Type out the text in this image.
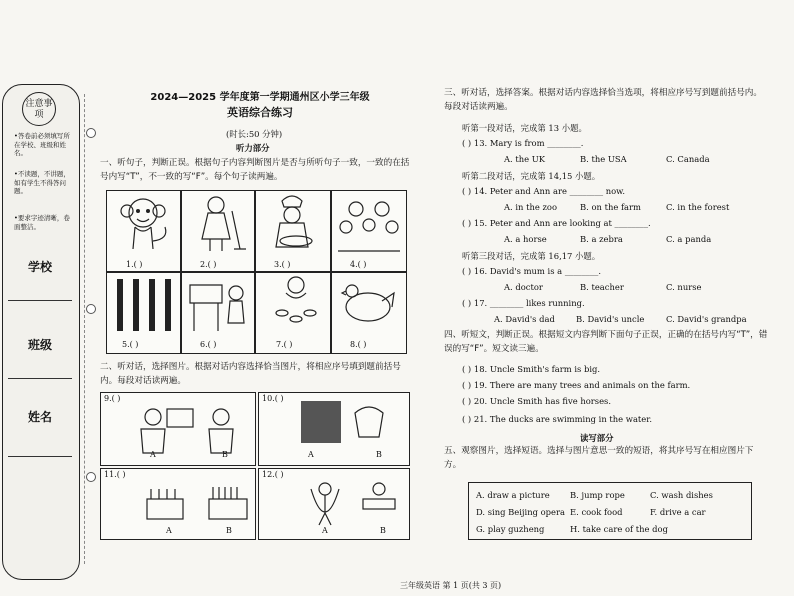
注意事项
•答卷前必须填写所在学校、班级和姓名。
•不读题，不讲题，如有学生不得答问题。
•要求字迹清晰，卷面整洁。
学校
班级
姓名
2024—2025 学年度第一学期通州区小学三年级
英语综合练习
(时长:50 分钟)
听力部分
一、听句子，判断正误。根据句子内容判断图片是否与所听句子一致，一致的在括号内写“T”，不一致的写“F”。每个句子读两遍。
1.( )	2.( )	3.( )	4.( )
5.( )	6.( )	7.( )	8.( )
二、听对话，选择图片。根据对话内容选择恰当图片，将相应序号填到题前括号内。每段对话读两遍。
9.( )
A	B
10.( )
A	B
11.( )
A	B
12.( )
A	B
三、听对话，选择答案。根据对话内容选择恰当选项，将相应序号写到题前括号内。每段对话读两遍。
听第一段对话，完成第 13 小题。
( ) 13. Mary is from ________.
A. the UK	B. the USA	C. Canada
听第二段对话，完成第 14,15 小题。
( ) 14. Peter and Ann are ________ now.
A. in the zoo	B. on the farm	C. in the forest
( ) 15. Peter and Ann are looking at ________.
A. a horse	B. a zebra	C. a panda
听第三段对话，完成第 16,17 小题。
( ) 16. David's mum is a ________.
A. doctor	B. teacher	C. nurse
( ) 17. ________ likes running.
A. David's dad	B. David's uncle	C. David's grandpa
四、听短文，判断正误。根据短文内容判断下面句子正误，正确的在括号内写“T”，错误的写“F”。短文读三遍。
( ) 18. Uncle Smith's farm is big.
( ) 19. There are many trees and animals on the farm.
( ) 20. Uncle Smith has five horses.
( ) 21. The ducks are swimming in the water.
读写部分
五、观察图片，选择短语。选择与图片意思一致的短语，将其序号写在相应图片下方。
A. draw a picture B. jump rope	C. wash dishes
D. sing Beijing opera E. cook food	F. drive a car
G. play guzheng	H. take care of the dog
三年级英语 第 1 页(共 3 页)
